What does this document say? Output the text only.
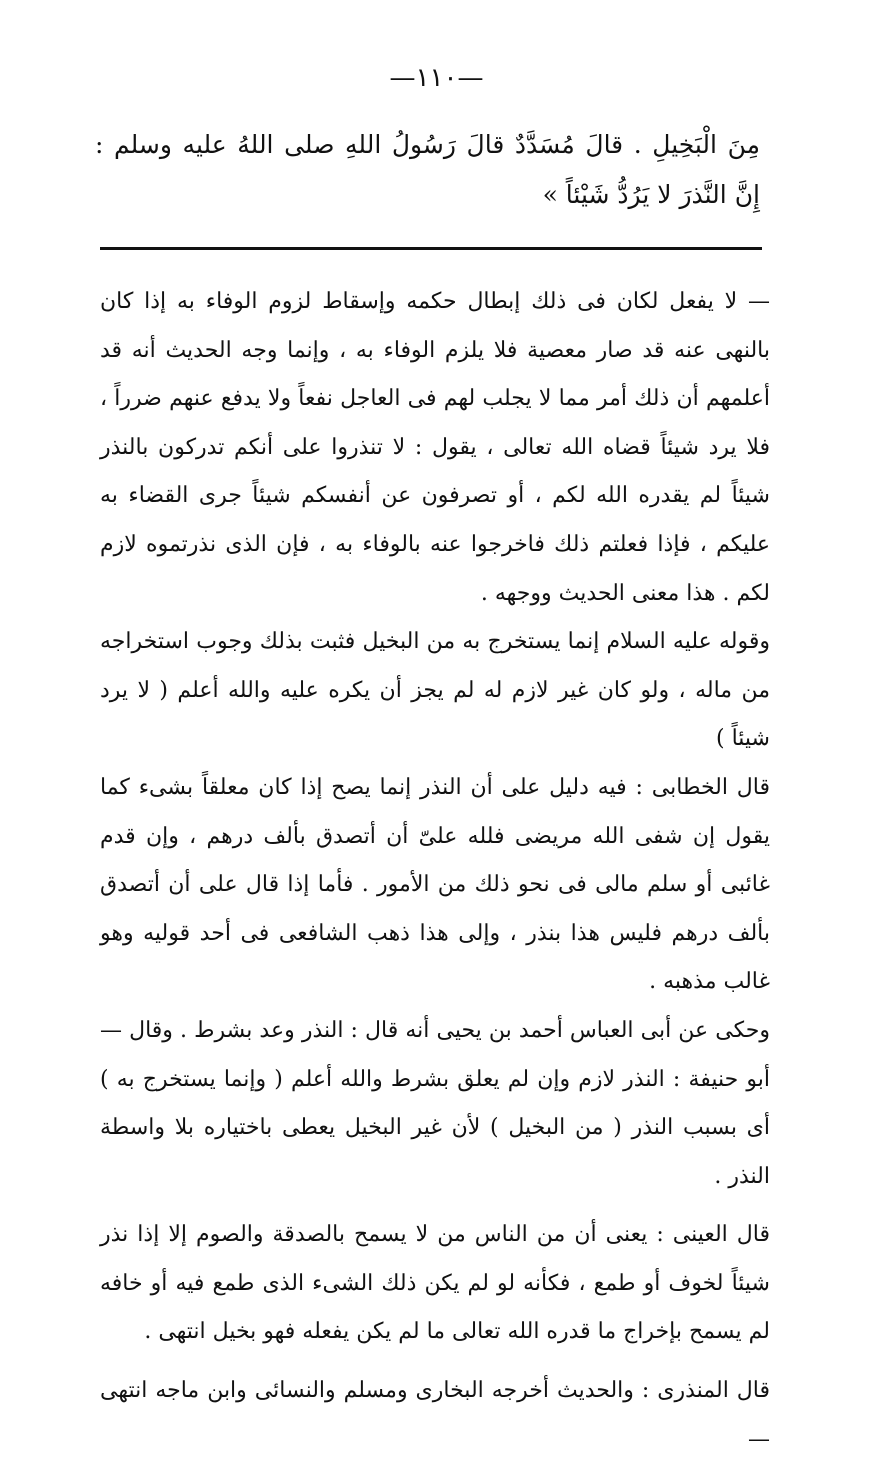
—١١٠—

مِنَ الْبَخِيلِ . قالَ مُسَدَّدٌ قالَ رَسُولُ اللهِ صلى اللهُ عليه وسلم : إِنَّ النَّذرَ لا يَرُدُّ شَيْئاً »

— لا يفعل لكان فى ذلك إبطال حكمه وإسقاط لزوم الوفاء به إذا كان بالنهى عنه قد صار معصية فلا يلزم الوفاء به ، وإنما وجه الحديث أنه قد أعلمهم أن ذلك أمر مما لا يجلب لهم فى العاجل نفعاً ولا يدفع عنهم ضرراً ، فلا يرد شيئاً قضاه الله تعالى ، يقول : لا تنذروا على أنكم تدركون بالنذر شيئاً لم يقدره الله لكم ، أو تصرفون عن أنفسكم شيئاً جرى القضاء به عليكم ، فإذا فعلتم ذلك فاخرجوا عنه بالوفاء به ، فإن الذى نذرتموه لازم لكم . هذا معنى الحديث ووجهه .

وقوله عليه السلام إنما يستخرج به من البخيل فثبت بذلك وجوب استخراجه من ماله ، ولو كان غير لازم له لم يجز أن يكره عليه والله أعلم ( لا يرد شيئاً )

قال الخطابى : فيه دليل على أن النذر إنما يصح إذا كان معلقاً بشىء كما يقول إن شفى الله مريضى فلله علىّ أن أتصدق بألف درهم ، وإن قدم غائبى أو سلم مالى فى نحو ذلك من الأمور . فأما إذا قال على أن أتصدق بألف درهم فليس هذا بنذر ، وإلى هذا ذهب الشافعى فى أحد قوليه وهو غالب مذهبه .

وحكى عن أبى العباس أحمد بن يحيى أنه قال : النذر وعد بشرط . وقال — أبو حنيفة : النذر لازم وإن لم يعلق بشرط والله أعلم ( وإنما يستخرج به ) أى بسبب النذر ( من البخيل ) لأن غير البخيل يعطى باختياره بلا واسطة النذر .

قال العينى : يعنى أن من الناس من لا يسمح بالصدقة والصوم إلا إذا نذر شيئاً لخوف أو طمع ، فكأنه لو لم يكن ذلك الشىء الذى طمع فيه أو خافه لم يسمح بإخراج ما قدره الله تعالى ما لم يكن يفعله فهو بخيل انتهى .

قال المنذرى : والحديث أخرجه البخارى ومسلم والنسائى وابن ماجه انتهى —
